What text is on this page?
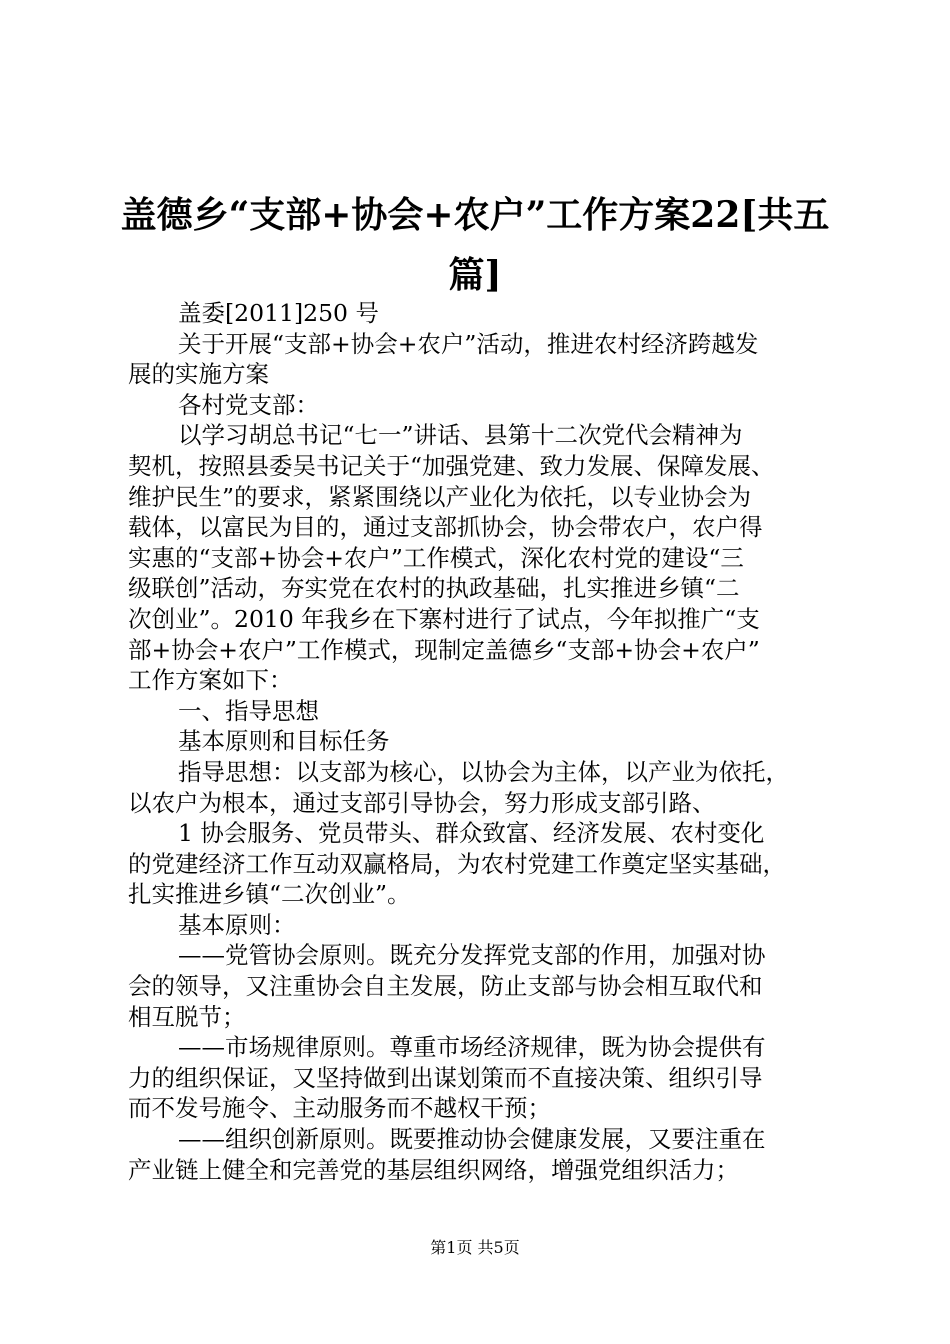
盖德乡“支部+协会+农户”工作方案22[共五
篇]

盖委[2011]250 号

关于开展“支部+协会+农户”活动，推进农村经济跨越发
展的实施方案

各村党支部：

以学习胡总书记“七一”讲话、县第十二次党代会精神为
契机，按照县委吴书记关于“加强党建、致力发展、保障发展、
维护民生”的要求，紧紧围绕以产业化为依托，以专业协会为
载体，以富民为目的，通过支部抓协会，协会带农户，农户得
实惠的“支部+协会+农户”工作模式，深化农村党的建设“三
级联创”活动，夯实党在农村的执政基础，扎实推进乡镇“二
次创业”。2010 年我乡在下寨村进行了试点，今年拟推广“支
部+协会+农户”工作模式，现制定盖德乡“支部+协会+农户”
工作方案如下：

一、指导思想

基本原则和目标任务

指导思想：以支部为核心，以协会为主体，以产业为依托，
以农户为根本，通过支部引导协会，努力形成支部引路、

1 协会服务、党员带头、群众致富、经济发展、农村变化
的党建经济工作互动双赢格局，为农村党建工作奠定坚实基础，
扎实推进乡镇“二次创业”。

基本原则：

——党管协会原则。既充分发挥党支部的作用，加强对协
会的领导，又注重协会自主发展，防止支部与协会相互取代和
相互脱节；

——市场规律原则。尊重市场经济规律，既为协会提供有
力的组织保证，又坚持做到出谋划策而不直接决策、组织引导
而不发号施令、主动服务而不越权干预；

——组织创新原则。既要推动协会健康发展，又要注重在
产业链上健全和完善党的基层组织网络，增强党组织活力；

第1页 共5页
